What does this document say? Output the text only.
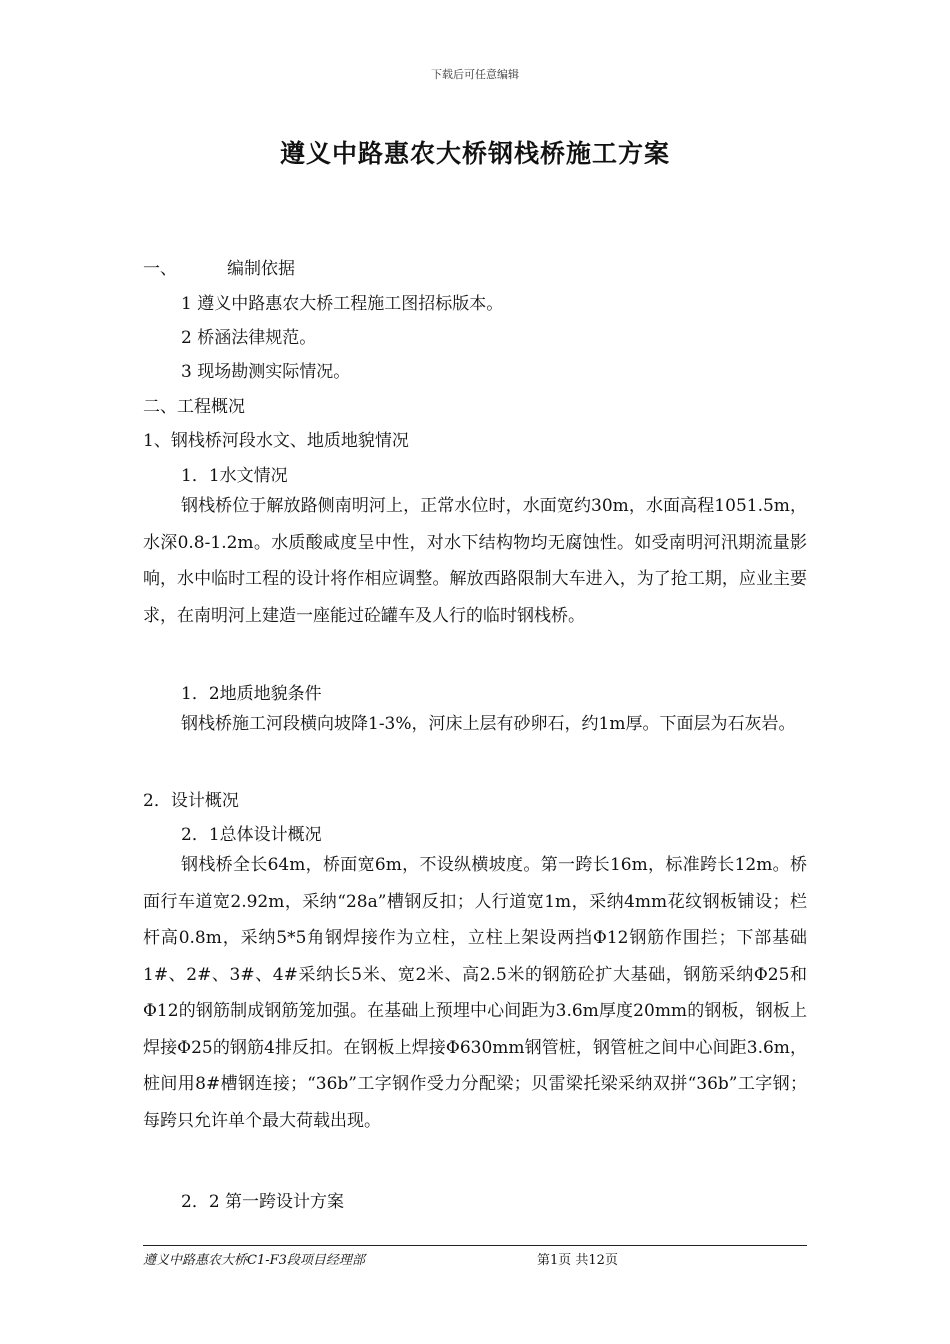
下载后可任意编辑
遵义中路惠农大桥钢栈桥施工方案
一、	编制依据
1 遵义中路惠农大桥工程施工图招标版本。
2 桥涵法律规范。
3 现场勘测实际情况。
二、工程概况
1、钢栈桥河段水文、地质地貌情况
1．1水文情况
钢栈桥位于解放路侧南明河上，正常水位时，水面宽约30m，水面高程1051.5m，水深0.8-1.2m。水质酸咸度呈中性，对水下结构物均无腐蚀性。如受南明河汛期流量影响，水中临时工程的设计将作相应调整。解放西路限制大车进入，为了抢工期，应业主要求，在南明河上建造一座能过砼罐车及人行的临时钢栈桥。
1．2地质地貌条件
钢栈桥施工河段横向坡降1-3%，河床上层有砂卵石，约1m厚。下面层为石灰岩。
2．设计概况
2．1总体设计概况
钢栈桥全长64m，桥面宽6m，不设纵横坡度。第一跨长16m，标准跨长12m。桥面行车道宽2.92m，采纳“28a”槽钢反扣；人行道宽1m，采纳4mm花纹钢板铺设；栏杆高0.8m，采纳5*5角钢焊接作为立柱，立柱上架设两挡Φ12钢筋作围拦；下部基础1#、2#、3#、4#采纳长5米、宽2米、高2.5米的钢筋砼扩大基础，钢筋采纳Φ25和Φ12的钢筋制成钢筋笼加强。在基础上预埋中心间距为3.6m厚度20mm的钢板，钢板上焊接Φ25的钢筋4排反扣。在钢板上焊接Φ630mm钢管桩，钢管桩之间中心间距3.6m，桩间用8#槽钢连接；“36b”工字钢作受力分配梁；贝雷梁托梁采纳双拼“36b”工字钢；每跨只允许单个最大荷载出现。
2．2 第一跨设计方案
遵义中路惠农大桥C1-F3段项目经理部	第1页 共12页
